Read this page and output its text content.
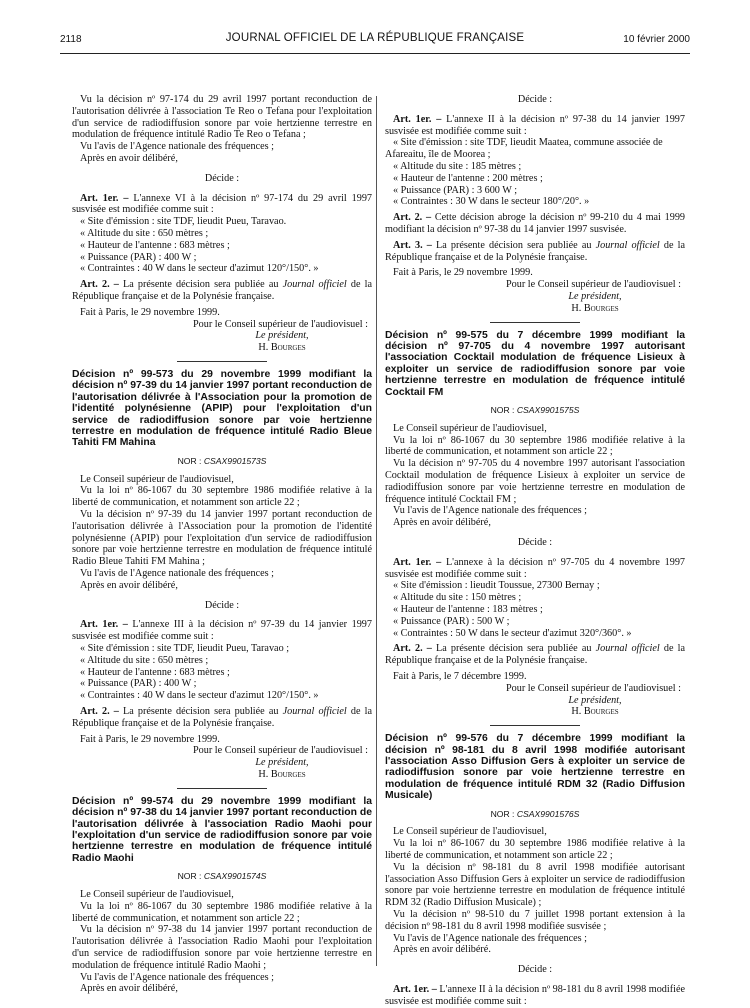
2118	JOURNAL OFFICIEL DE LA RÉPUBLIQUE FRANÇAISE	10 février 2000

Vu la décision nº 97-174 du 29 avril 1997 portant reconduction de l'autorisation délivrée à l'association Te Reo o Tefana pour l'exploitation d'un service de radiodiffusion sonore par voie hertzienne terrestre en modulation de fréquence intitulé Radio Te Reo o Tefana ;

Vu l'avis de l'Agence nationale des fréquences ;

Après en avoir délibéré,

Décide :

Art. 1er. – L'annexe VI à la décision nº 97-174 du 29 avril 1997 susvisée est modifiée comme suit :

« Site d'émission : site TDF, lieudit Pueu, Taravao.

« Altitude du site : 650 mètres ;

« Hauteur de l'antenne : 683 mètres ;

« Puissance (PAR) : 400 W ;

« Contraintes : 40 W dans le secteur d'azimut 120°/150°. »

Art. 2. – La présente décision sera publiée au Journal officiel de la République française et de la Polynésie française.

Fait à Paris, le 29 novembre 1999.

Pour le Conseil supérieur de l'audiovisuel :

Le président,

H. Bourges

Décision nº 99-573 du 29 novembre 1999 modifiant la décision nº 97-39 du 14 janvier 1997 portant reconduction de l'autorisation délivrée à l'Association pour la promotion de l'identité polynésienne (APIP) pour l'exploitation d'un service de radiodiffusion sonore par voie hertzienne terrestre en modulation de fréquence intitulé Radio Bleue Tahiti FM Mahina
NOR : CSAX9901573S

Le Conseil supérieur de l'audiovisuel,

Vu la loi nº 86-1067 du 30 septembre 1986 modifiée relative à la liberté de communication, et notamment son article 22 ;

Vu la décision nº 97-39 du 14 janvier 1997 portant reconduction de l'autorisation délivrée à l'Association pour la promotion de l'identité polynésienne (APIP) pour l'exploitation d'un service de radiodiffusion sonore par voie hertzienne terrestre en modulation de fréquence intitulé Radio Bleue Tahiti FM Mahina ;

Vu l'avis de l'Agence nationale des fréquences ;

Après en avoir délibéré,

Décide :

Art. 1er. – L'annexe III à la décision nº 97-39 du 14 janvier 1997 susvisée est modifiée comme suit :

« Site d'émission : site TDF, lieudit Pueu, Taravao ;

« Altitude du site : 650 mètres ;

« Hauteur de l'antenne : 683 mètres ;

« Puissance (PAR) : 400 W ;

« Contraintes : 40 W dans le secteur d'azimut 120°/150°. »

Art. 2. – La présente décision sera publiée au Journal officiel de la République française et de la Polynésie française.

Fait à Paris, le 29 novembre 1999.

Pour le Conseil supérieur de l'audiovisuel :

Le président,

H. Bourges

Décision nº 99-574 du 29 novembre 1999 modifiant la décision nº 97-38 du 14 janvier 1997 portant reconduction de l'autorisation délivrée à l'association Radio Maohi pour l'exploitation d'un service de radiodiffusion sonore par voie hertzienne terrestre en modulation de fréquence intitulé Radio Maohi
NOR : CSAX9901574S

Le Conseil supérieur de l'audiovisuel,

Vu la loi nº 86-1067 du 30 septembre 1986 modifiée relative à la liberté de communication, et notamment son article 22 ;

Vu la décision nº 97-38 du 14 janvier 1997 portant reconduction de l'autorisation délivrée à l'association Radio Maohi pour l'exploitation d'un service de radiodiffusion sonore par voie hertzienne terrestre en modulation de fréquence intitulé Radio Maohi ;

Vu l'avis de l'Agence nationale des fréquences ;

Après en avoir délibéré,

Décide :

Art. 1er. – L'annexe II à la décision nº 97-38 du 14 janvier 1997 susvisée est modifiée comme suit :

« Site d'émission : site TDF, lieudit Maatea, commune associée de Afareaitu, île de Moorea ;

« Altitude du site : 185 mètres ;

« Hauteur de l'antenne : 200 mètres ;

« Puissance (PAR) : 3 600 W ;

« Contraintes : 30 W dans le secteur 180°/20°. »

Art. 2. – Cette décision abroge la décision nº 99-210 du 4 mai 1999 modifiant la décision nº 97-38 du 14 janvier 1997 susvisée.

Art. 3. – La présente décision sera publiée au Journal officiel de la République française et de la Polynésie française.

Fait à Paris, le 29 novembre 1999.

Pour le Conseil supérieur de l'audiovisuel :

Le président,

H. Bourges

Décision nº 99-575 du 7 décembre 1999 modifiant la décision nº 97-705 du 4 novembre 1997 autorisant l'association Cocktail modulation de fréquence Lisieux à exploiter un service de radiodiffusion sonore par voie hertzienne terrestre en modulation de fréquence intitulé Cocktail FM
NOR : CSAX9901575S

Le Conseil supérieur de l'audiovisuel,

Vu la loi nº 86-1067 du 30 septembre 1986 modifiée relative à la liberté de communication, et notamment son article 22 ;

Vu la décision nº 97-705 du 4 novembre 1997 autorisant l'association Cocktail modulation de fréquence Lisieux à exploiter un service de radiodiffusion sonore par voie hertzienne terrestre en modulation de fréquence intitulé Cocktail FM ;

Vu l'avis de l'Agence nationale des fréquences ;

Après en avoir délibéré,

Décide :

Art. 1er. – L'annexe à la décision nº 97-705 du 4 novembre 1997 susvisée est modifiée comme suit :

« Site d'émission : lieudit Toussue, 27300 Bernay ;

« Altitude du site : 150 mètres ;

« Hauteur de l'antenne : 183 mètres ;

« Puissance (PAR) : 500 W ;

« Contraintes : 50 W dans le secteur d'azimut 320°/360°. »

Art. 2. – La présente décision sera publiée au Journal officiel de la République française et de la Polynésie française.

Fait à Paris, le 7 décembre 1999.

Pour le Conseil supérieur de l'audiovisuel :

Le président,

H. Bourges

Décision nº 99-576 du 7 décembre 1999 modifiant la décision nº 98-181 du 8 avril 1998 modifiée autorisant l'association Asso Diffusion Gers à exploiter un service de radiodiffusion sonore par voie hertzienne terrestre en modulation de fréquence intitulé RDM 32 (Radio Diffusion Musicale)
NOR : CSAX9901576S

Le Conseil supérieur de l'audiovisuel,

Vu la loi nº 86-1067 du 30 septembre 1986 modifiée relative à la liberté de communication, et notamment son article 22 ;

Vu la décision nº 98-181 du 8 avril 1998 modifiée autorisant l'association Asso Diffusion Gers à exploiter un service de radiodiffusion sonore par voie hertzienne terrestre en modulation de fréquence intitulé RDM 32 (Radio Diffusion Musicale) ;

Vu la décision nº 98-510 du 7 juillet 1998 portant extension à la décision nº 98-181 du 8 avril 1998 modifiée susvisée ;

Vu l'avis de l'Agence nationale des fréquences ;

Après en avoir délibéré.

Décide :

Art. 1er. – L'annexe II à la décision nº 98-181 du 8 avril 1998 modifiée susvisée est modifiée comme suit :
